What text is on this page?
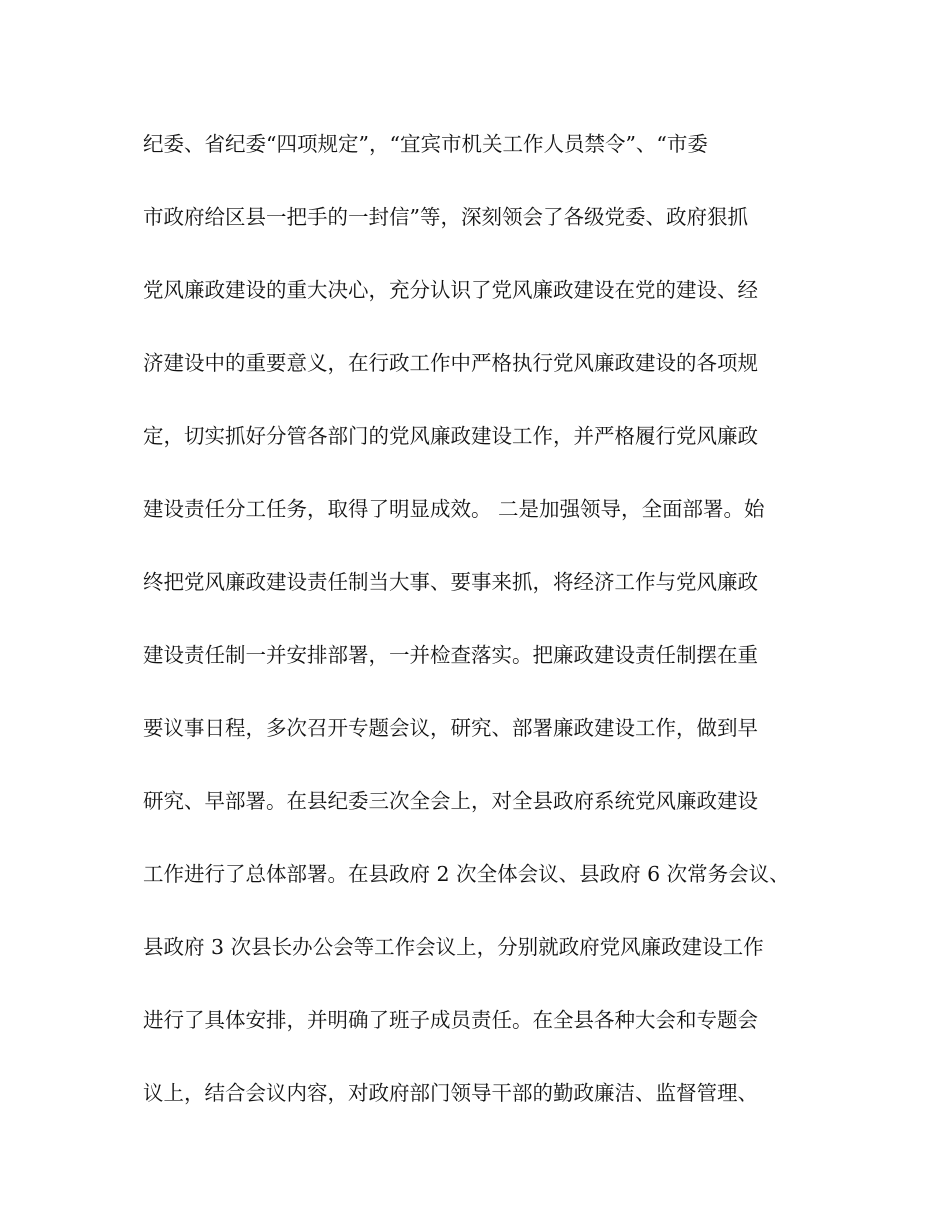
纪委、省纪委“四项规定”，“宜宾市机关工作人员禁令”、“市委
市政府给区县一把手的一封信”等，深刻领会了各级党委、政府狠抓
党风廉政建设的重大决心，充分认识了党风廉政建设在党的建设、经
济建设中的重要意义，在行政工作中严格执行党风廉政建设的各项规
定，切实抓好分管各部门的党风廉政建设工作，并严格履行党风廉政
建设责任分工任务，取得了明显成效。 二是加强领导，全面部署。始
终把党风廉政建设责任制当大事、要事来抓，将经济工作与党风廉政
建设责任制一并安排部署，一并检查落实。把廉政建设责任制摆在重
要议事日程，多次召开专题会议，研究、部署廉政建设工作，做到早
研究、早部署。在县纪委三次全会上，对全县政府系统党风廉政建设
工作进行了总体部署。在县政府 2 次全体会议、县政府 6 次常务会议、
县政府 3 次县长办公会等工作会议上，分别就政府党风廉政建设工作
进行了具体安排，并明确了班子成员责任。在全县各种大会和专题会
议上，结合会议内容，对政府部门领导干部的勤政廉洁、监督管理、
